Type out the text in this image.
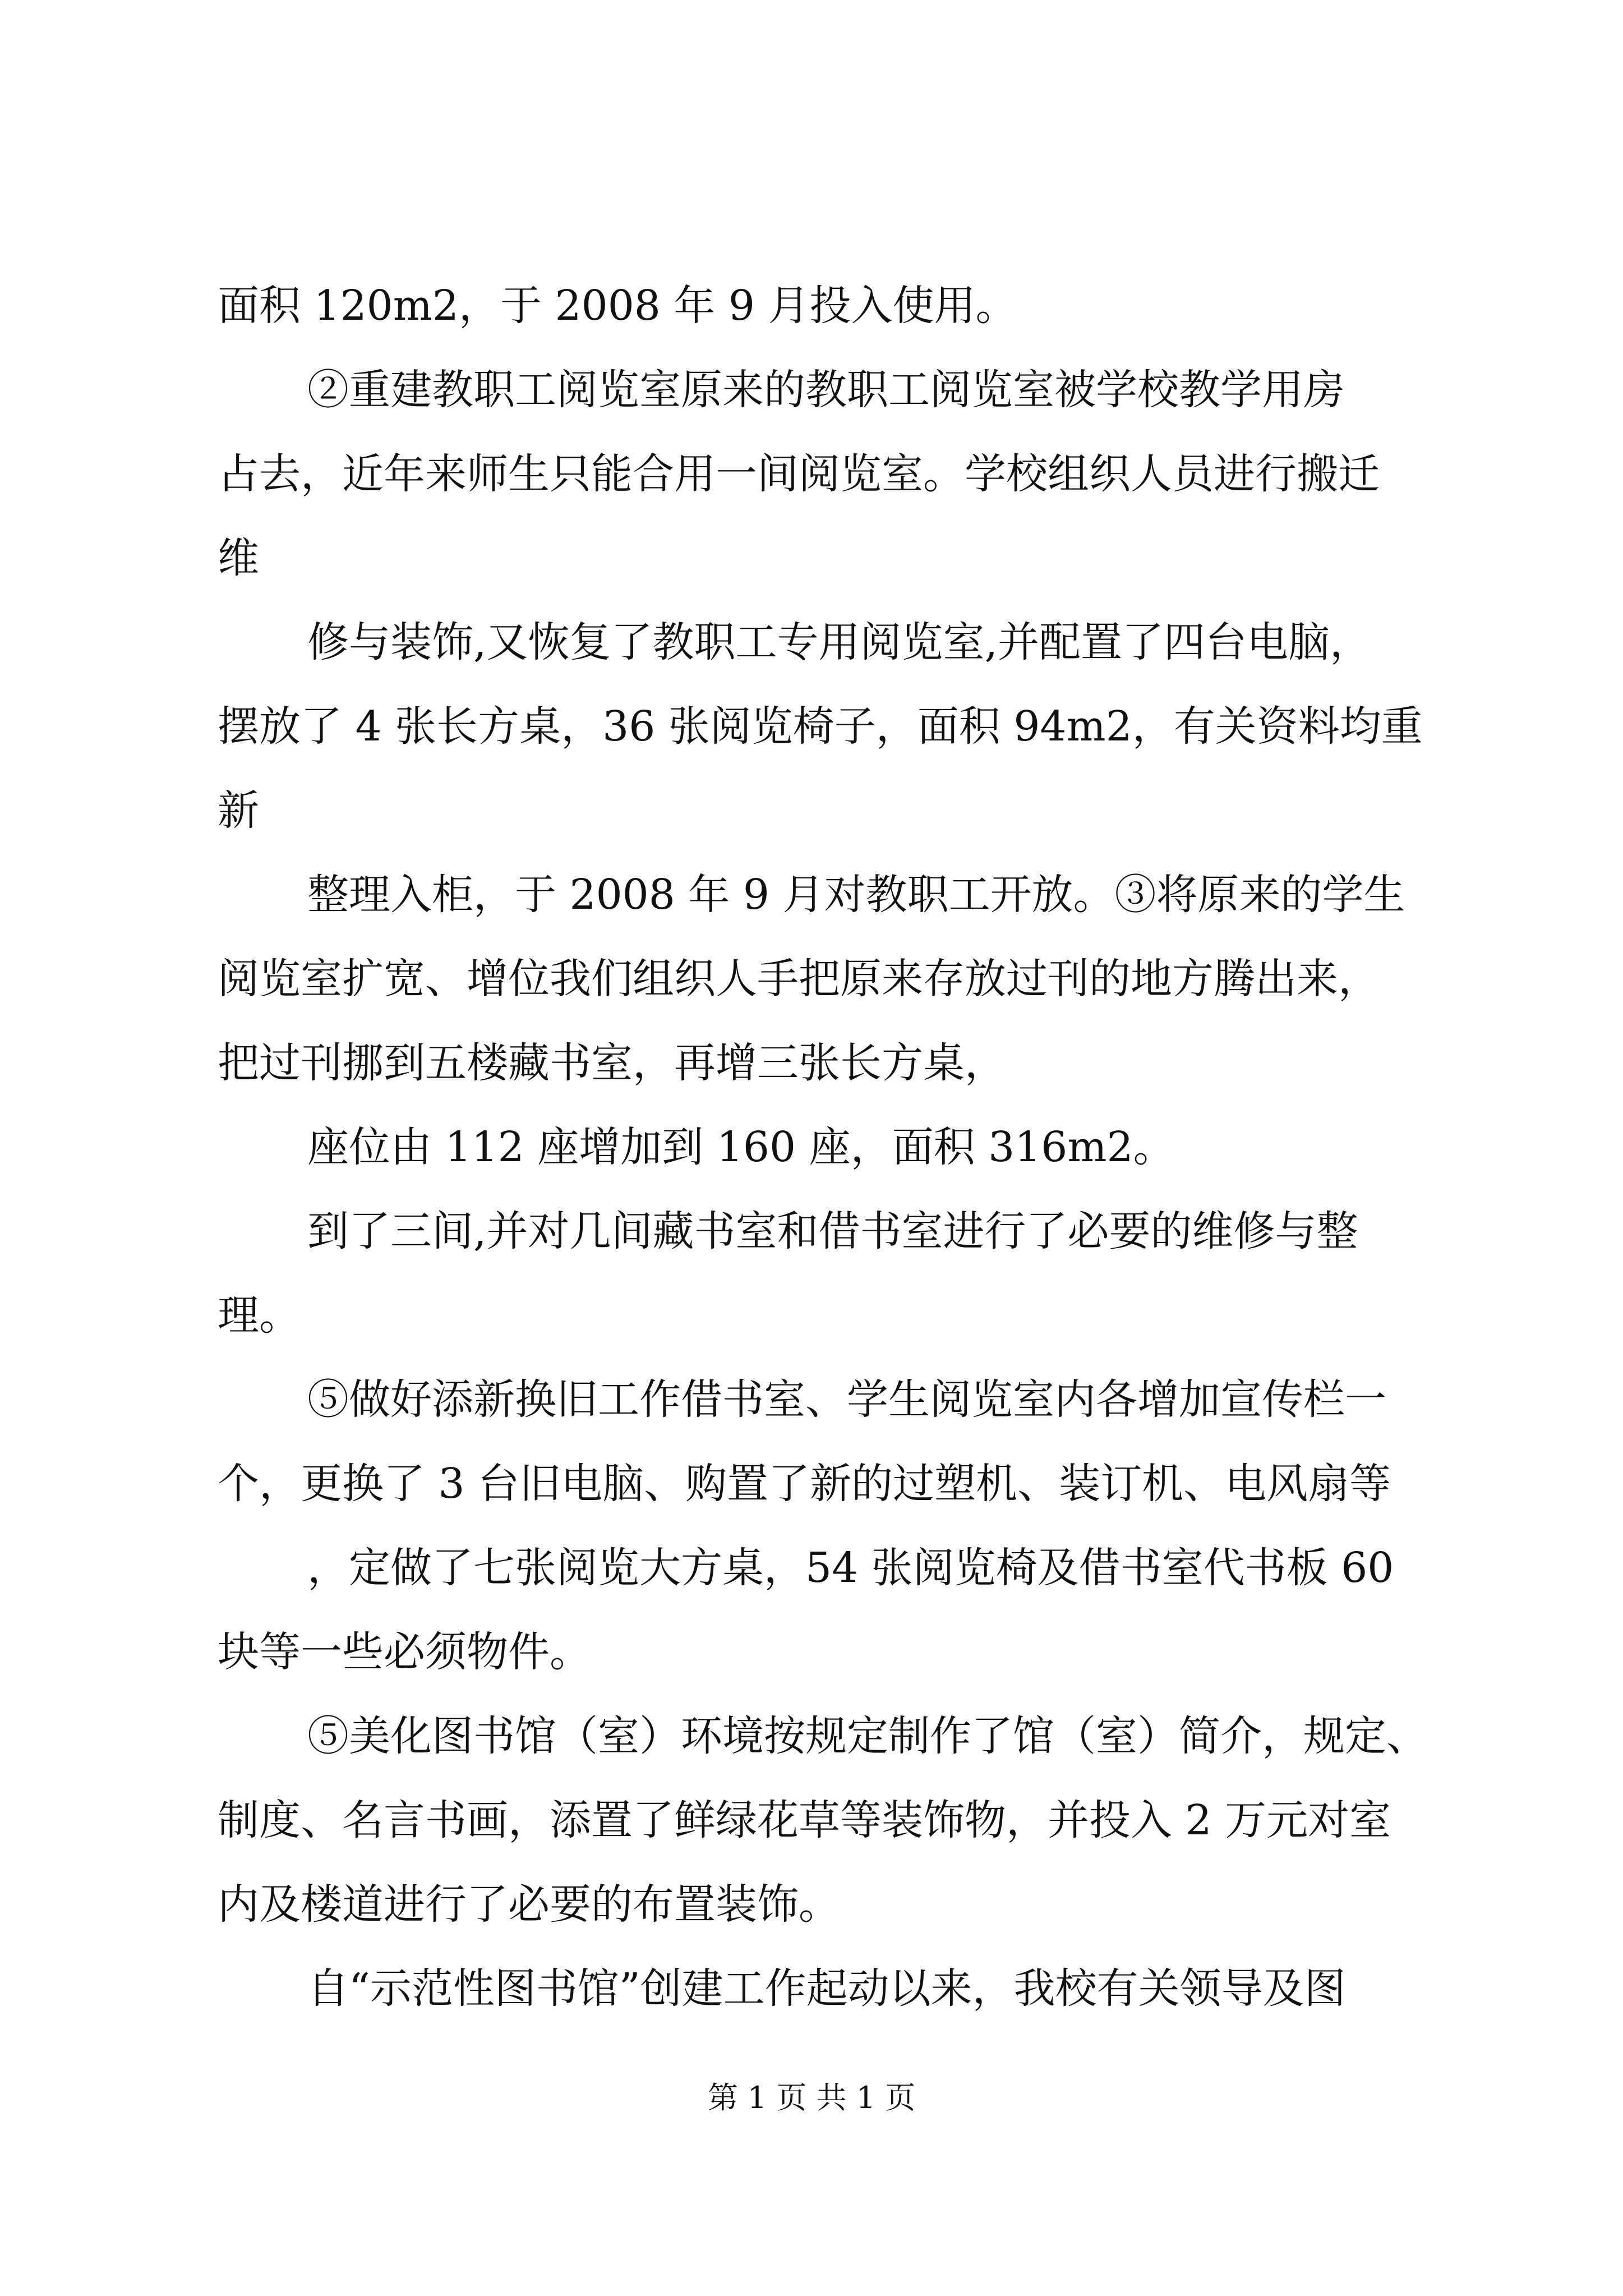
面积 120m2，于 2008 年 9 月投入使用。
②重建教职工阅览室原来的教职工阅览室被学校教学用房
占去，近年来师生只能合用一间阅览室。学校组织人员进行搬迁
维
修与装饰,又恢复了教职工专用阅览室,并配置了四台电脑，
摆放了 4 张长方桌，36 张阅览椅子，面积 94m2，有关资料均重
新
整理入柜，于 2008 年 9 月对教职工开放。③将原来的学生
阅览室扩宽、增位我们组织人手把原来存放过刊的地方腾出来，
把过刊挪到五楼藏书室，再增三张长方桌，
座位由 112 座增加到 160 座，面积 316m2。
到了三间,并对几间藏书室和借书室进行了必要的维修与整
理。
⑤做好添新换旧工作借书室、学生阅览室内各增加宣传栏一
个，更换了 3 台旧电脑、购置了新的过塑机、装订机、电风扇等
，定做了七张阅览大方桌，54 张阅览椅及借书室代书板 60
块等一些必须物件。
⑤美化图书馆（室）环境按规定制作了馆（室）简介，规定、
制度、名言书画，添置了鲜绿花草等装饰物，并投入 2 万元对室
内及楼道进行了必要的布置装饰。
自“示范性图书馆”创建工作起动以来，我校有关领导及图
第 1 页 共 1 页
